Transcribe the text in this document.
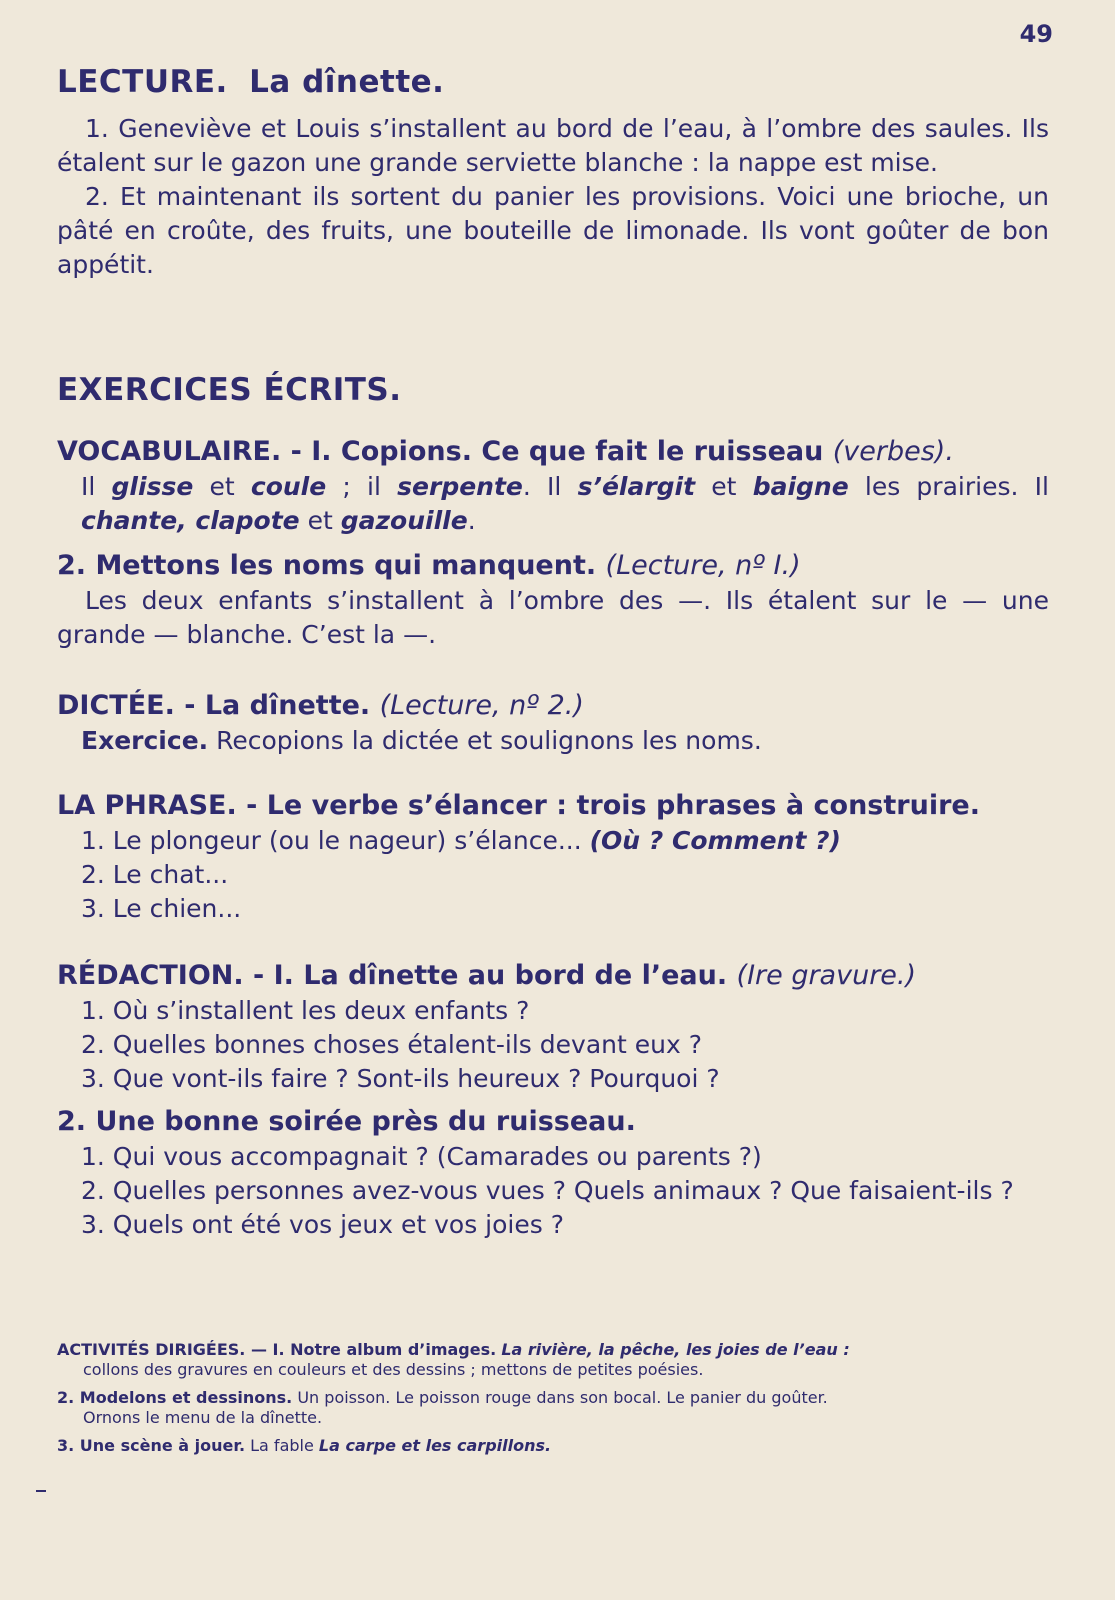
49
LECTURE. La dînette.

1. Geneviève et Louis s’installent au bord de l’eau, à l’ombre des saules. Ils étalent sur le gazon une grande serviette blanche : la nappe est mise.

2. Et maintenant ils sortent du panier les provisions. Voici une brioche, un pâté en croûte, des fruits, une bouteille de limonade. Ils vont goûter de bon appétit.

EXERCICES ÉCRITS.
VOCABULAIRE. - I. Copions. Ce que fait le ruisseau (verbes).
Il glisse et coule ; il serpente. Il s’élargit et baigne les prairies. Il chante, clapote et gazouille.
2. Mettons les noms qui manquent. (Lecture, nº I.)

Les deux enfants s’installent à l’ombre des —. Ils étalent sur le — une grande — blanche. C’est la —.

DICTÉE. - La dînette. (Lecture, nº 2.)
Exercice. Recopions la dictée et soulignons les noms.
LA PHRASE. - Le verbe s’élancer : trois phrases à construire.
1. Le plongeur (ou le nageur) s’élance... (Où ? Comment ?)
2. Le chat...
3. Le chien...
RÉDACTION. - I. La dînette au bord de l’eau. (Ire gravure.)
1. Où s’installent les deux enfants ?
2. Quelles bonnes choses étalent-ils devant eux ?
3. Que vont-ils faire ? Sont-ils heureux ? Pourquoi ?
2. Une bonne soirée près du ruisseau.
1. Qui vous accompagnait ? (Camarades ou parents ?)
2. Quelles personnes avez-vous vues ? Quels animaux ? Que faisaient-ils ?
3. Quels ont été vos jeux et vos joies ?
ACTIVITÉS DIRIGÉES. — I. Notre album d’images. La rivière, la pêche, les joies de l’eau :
collons des gravures en couleurs et des dessins ; mettons de petites poésies.
2. Modelons et dessinons. Un poisson. Le poisson rouge dans son bocal. Le panier du goûter.
Ornons le menu de la dînette.
3. Une scène à jouer. La fable La carpe et les carpillons.
